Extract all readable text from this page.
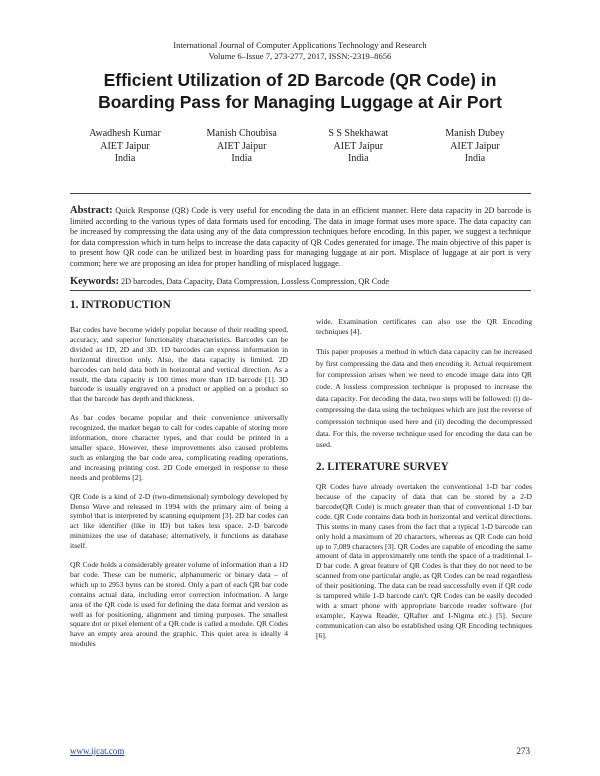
International Journal of Computer Applications Technology and Research
Volume 6–Issue 7, 273-277, 2017, ISSN:-2319–8656
Efficient Utilization of 2D Barcode (QR Code) in
Boarding Pass for Managing Luggage at Air Port
Awadhesh Kumar
AIET Jaipur
India
Manish Choubisa
AIET Jaipur
India
S S Shekhawat
AIET Jaipur
India
Manish Dubey
AIET Jaipur
India
Abstract: Quick Response (QR) Code is very useful for encoding the data in an efficient manner. Here data capacity in 2D barcode is limited according to the various types of data formats used for encoding. The data in image format uses more space. The data capacity can be increased by compressing the data using any of the data compression techniques before encoding. In this paper, we suggest a technique for data compression which in turn helps to increase the data capacity of QR Codes generated for image. The main objective of this paper is to present how QR code can be utilized best in boarding pass for managing luggage at air port. Misplace of luggage at air port is very common; here we are proposing an idea for proper handling of misplaced luggage.
Keywords: 2D barcodes, Data Capacity, Data Compression, Lossless Compression, QR Code
1. INTRODUCTION

Bar codes have become widely popular because of their reading speed, accuracy, and superior functionality characteristics. Barcodes can be divided as 1D, 2D and 3D. 1D barcodes can express information in horizontal direction only. Also, the data capacity is limited. 2D barcodes can hold data both in horizontal and vertical direction. As a result, the data capacity is 100 times more than 1D barcode [1]. 3D barcode is usually engraved on a product or applied on a product so that the barcode has depth and thickness.

As bar codes became popular and their convenience universally recognized, the market began to call for codes capable of storing more information, more character types, and that could be printed in a smaller space. However, these improvements also caused problems such as enlarging the bar code area, complicating reading operations, and increasing printing cost. 2D Code emerged in response to these needs and problems [2].

QR Code is a kind of 2-D (two-dimensional) symbology developed by Denso Wave and released in 1994 with the primary aim of being a symbol that is interpreted by scanning equipment [3]. 2D bar codes can act like identifier (like in ID) but takes less space. 2-D barcode minimizes the use of database; alternatively, it functions as database itself.

QR Code holds a considerably greater volume of information than a 1D bar code. These can be numeric, alphanumeric or binary data – of which up to 2953 bytes can be stored. Only a part of each QR bar code contains actual data, including error correction information. A large area of the QR code is used for defining the data format and version as well as for positioning, alignment and timing purposes. The smallest square dot or pixel element of a QR code is called a module. QR Codes have an empty area around the graphic. This quiet area is ideally 4 modules

wide. Examination certificates can also use the QR Encoding techniques [4].

This paper proposes a method in which data capacity can be increased by first compressing the data and then encoding it. Actual requirement for compression arises when we need to encode image data into QR code. A lossless compression technique is proposed to increase the data capacity. For decoding the data, two steps will be followed: (i) de-compressing the data using the techniques which are just the reverse of compression technique used here and (ii) decoding the decompressed data. For this, the reverse technique used for encoding the data can be used.

2. LITERATURE SURVEY

QR Codes have already overtaken the conventional 1-D bar codes because of the capacity of data that can be stored by a 2-D barcode(QR Code) is much greater than that of conventional 1-D bar code. QR Code contains data both in horizontal and vertical directions. This stems in many cases from the fact that a typical 1-D barcode can only hold a maximum of 20 characters, whereas as QR Code can hold up to 7,089 characters [3]. QR Codes are capable of encoding the same amount of data in approximately one tenth the space of a traditional 1-D bar code. A great feature of QR Codes is that they do not need to be scanned from one particular angle, as QR Codes can be read regardless of their positioning. The data can be read successfully even if QR code is tampered while 1-D barcode can't. QR Codes can be easily decoded with a smart phone with appropriate barcode reader software (for example:, Kaywa Reader, QRafter and I-Nigma etc.) [5]. Secure communication can also be established using QR Encoding techniques [6].

www.ijcat.com	273
